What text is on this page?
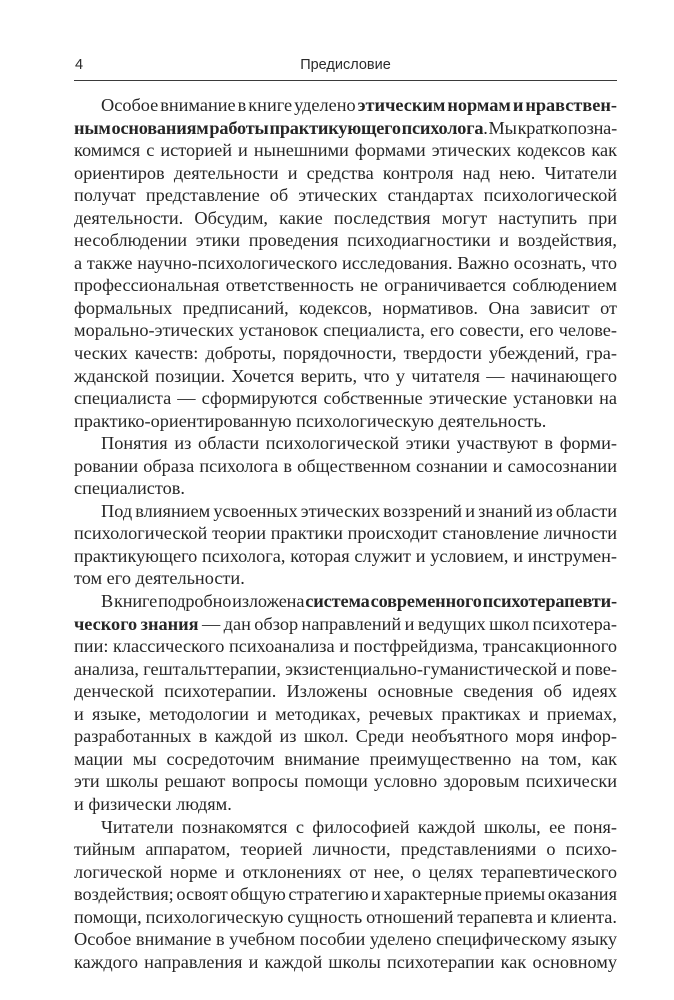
4	Предисловие
Особое внимание в книге уделено этическим нормам и нравствен-
ным основаниям работы практикующего психолога. Мы кратко позна-
комимся с историей и нынешними формами этических кодексов как
ориентиров деятельности и средства контроля над нею. Читатели
получат представление об этических стандартах психологической
деятельности. Обсудим, какие последствия могут наступить при
несоблюдении этики проведения психодиагностики и воздействия,
а также научно-психологического исследования. Важно осознать, что
профессиональная ответственность не ограничивается соблюдением
формальных предписаний, кодексов, нормативов. Она зависит от
морально-этических установок специалиста, его совести, его челове-
ческих качеств: доброты, порядочности, твердости убеждений, гра-
жданской позиции. Хочется верить, что у читателя — начинающего
специалиста — сформируются собственные этические установки на
практико-ориентированную психологическую деятельность.
Понятия из области психологической этики участвуют в форми-
ровании образа психолога в общественном сознании и самосознании
специалистов.
Под влиянием усвоенных этических воззрений и знаний из области
психологической теории практики происходит становление личности
практикующего психолога, которая служит и условием, и инструмен-
том его деятельности.
В книге подробно изложена система современного психотерапевти-
ческого знания — дан обзор направлений и ведущих школ психотера-
пии: классического психоанализа и постфрейдизма, трансакционного
анализа, гештальттерапии, экзистенциально-гуманистической и пове-
денческой психотерапии. Изложены основные сведения об идеях
и языке, методологии и методиках, речевых практиках и приемах,
разработанных в каждой из школ. Среди необъятного моря инфор-
мации мы сосредоточим внимание преимущественно на том, как
эти школы решают вопросы помощи условно здоровым психически
и физически людям.
Читатели познакомятся с философией каждой школы, ее поня-
тийным аппаратом, теорией личности, представлениями о психо-
логической норме и отклонениях от нее, о целях терапевтического
воздействия; освоят общую стратегию и характерные приемы оказания
помощи, психологическую сущность отношений терапевта и клиента.
Особое внимание в учебном пособии уделено специфическому языку
каждого направления и каждой школы психотерапии как основному
